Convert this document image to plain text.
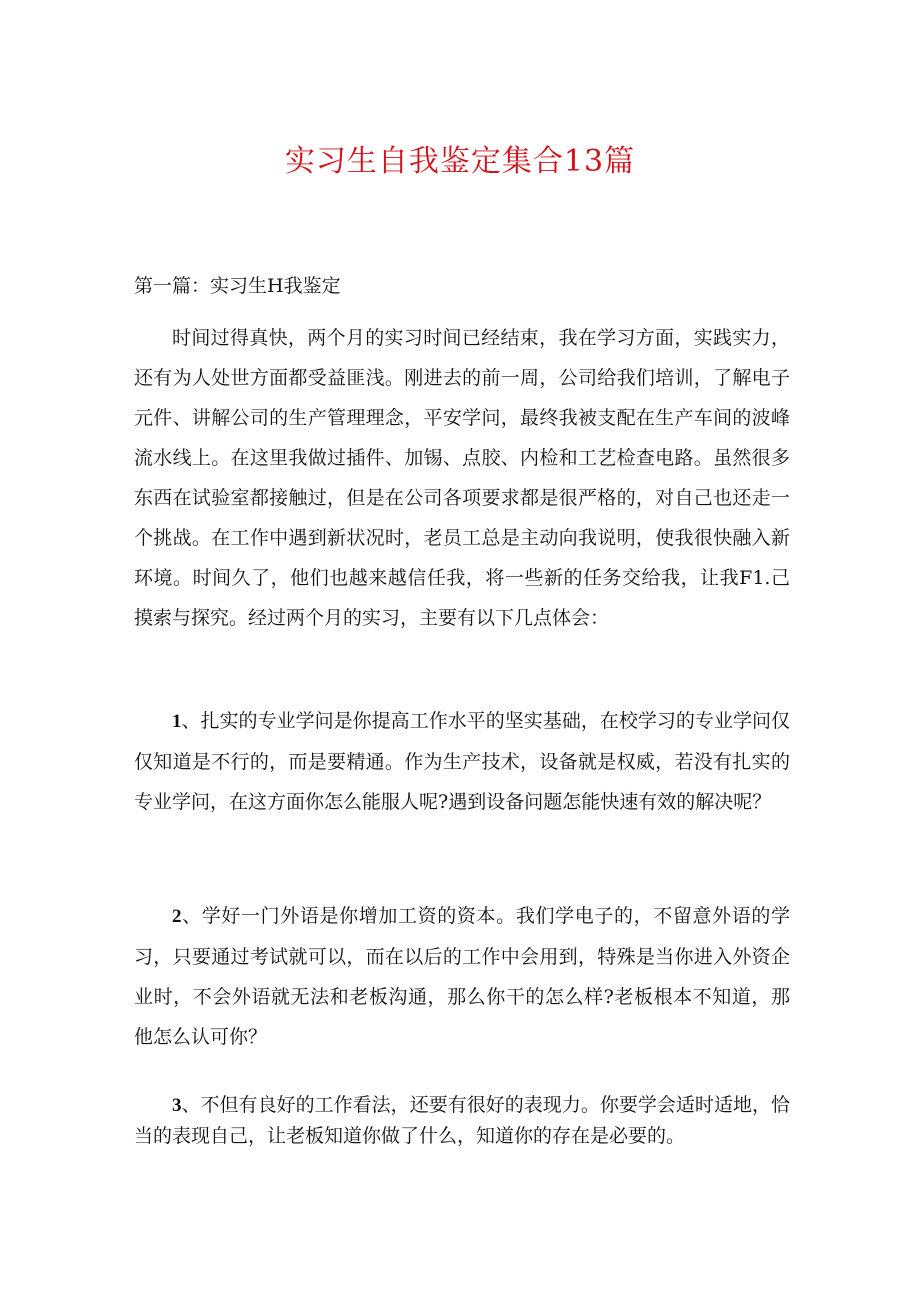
实习生自我鉴定集合13篇
第一篇：实习生H我鉴定

时间过得真快，两个月的实习时间已经结束，我在学习方面，实践实力，还有为人处世方面都受益匪浅。刚进去的前一周，公司给我们培训，了解电子元件、讲解公司的生产管理理念，平安学问，最终我被支配在生产车间的波峰流水线上。在这里我做过插件、加锡、点胶、内检和工艺检查电路。虽然很多东西在试验室都接触过，但是在公司各项要求都是很严格的，对自己也还走一个挑战。在工作中遇到新状况时，老员工总是主动向我说明，使我很快融入新环境。时间久了，他们也越来越信任我，将一些新的任务交给我，让我F1.己摸索与探究。经过两个月的实习，主要有以下几点体会：

1、扎实的专业学问是你提高工作水平的坚实基础，在校学习的专业学问仅仅知道是不行的，而是要精通。作为生产技术，设备就是权威，若没有扎实的专业学问，在这方面你怎么能服人呢?遇到设备问题怎能快速有效的解决呢？

2、学好一门外语是你增加工资的资本。我们学电子的，不留意外语的学习，只要通过考试就可以，而在以后的工作中会用到，特殊是当你进入外资企业时，不会外语就无法和老板沟通，那么你干的怎么样?老板根本不知道，那他怎么认可你？

3、不但有良好的工作看法，还要有很好的表现力。你要学会适时适地，恰当的表现自己，让老板知道你做了什么，知道你的存在是必要的。
